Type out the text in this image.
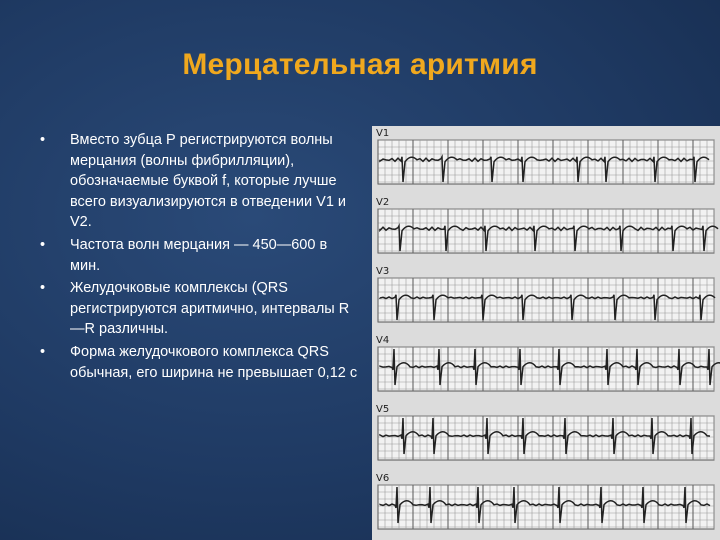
Мерцательная аритмия
• Вместо зубца Р регистрируются волны мерцания (волны фибрилляции), обозначаемые буквой f, которые лучше всего визуализируются в отведении V1 и V2.
• Частота волн мерцания — 450—600 в мин.
• Желудочковые комплексы (QRS регистрируются аритмично, интервалы R—R различны.
• Форма желудочкового комплекса QRS обычная, его ширина не превышает 0,12 с
V1
V2
V3
V4
V5
V6
